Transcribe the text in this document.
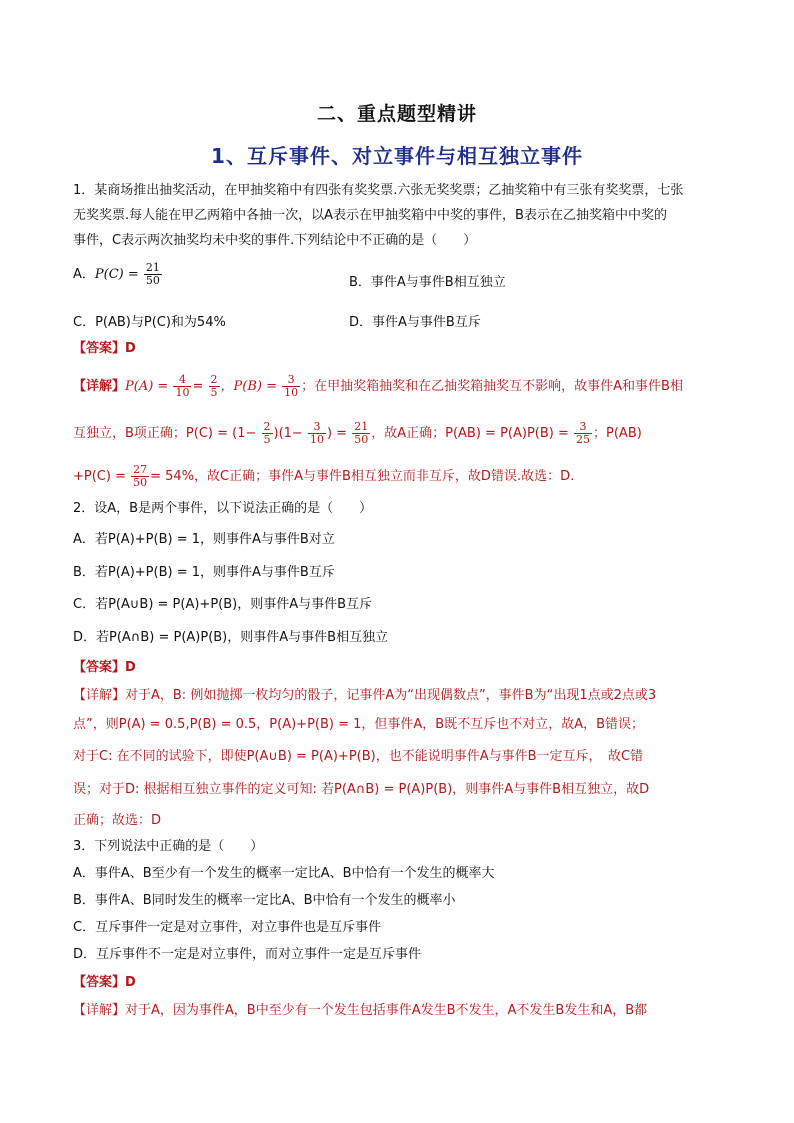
二、重点题型精讲
1、互斥事件、对立事件与相互独立事件
1．某商场推出抽奖活动，在甲抽奖箱中有四张有奖奖票.六张无奖奖票；乙抽奖箱中有三张有奖奖票，七张
无奖奖票.每人能在甲乙两箱中各抽一次，以A表示在甲抽奖箱中中奖的事件，B表示在乙抽奖箱中中奖的
事件，C表示两次抽奖均未中奖的事件.下列结论中不正确的是（　　）
A．$P(C) = \frac{21}{50}$	B．事件A与事件B相互独立
C．P(AB)与P(C)和为54%	D．事件A与事件B互斥
【答案】D
【详解】$P(A) = \frac{4}{10} = \frac{2}{5}$ ，$P(B) = \frac{3}{10}$ ；在甲抽奖箱抽奖和在乙抽奖箱抽奖互不影响，故事件A和事件B相
互独立，B项正确；$P(C) = (1- \frac{2}{5} )(1- \frac{3}{10}$ ) = $\frac{21}{50}$ ，故A正确；$P(AB) = P(A)P(B) = \frac{3}{25}$ ；P(AB)
$+P(C) = \frac{27}{50} = 54\%$，故C正确；事件A与事件B相互独立而非互斥，故D错误.故选：D.
2．设A，B是两个事件，以下说法正确的是（　　）
A．若P(A)+P(B) = 1，则事件A与事件B对立
B．若P(A)+P(B) = 1，则事件A与事件B互斥
C．若P(A∪B) = P(A)+P(B)，则事件A与事件B互斥
D．若P(A∩B) = P(A)P(B)，则事件A与事件B相互独立
【答案】D
【详解】对于A，B: 例如抛掷一枚均匀的骰子，记事件A为“出现偶数点”，事件B为“出现1点或2点或3
点”，则P(A) = 0.5,P(B) = 0.5，P(A)+P(B) = 1，但事件A，B既不互斥也不对立，故A，B错误；
对于C: 在不同的试验下，即使P(A∪B) = P(A)+P(B)，也不能说明事件A与事件B一定互斥，　故C错
误；对于D: 根据相互独立事件的定义可知: 若P(A∩B) = P(A)P(B)，则事件A与事件B相互独立，故D
正确；故选：D
3．下列说法中正确的是（　　）
A．事件A、B至少有一个发生的概率一定比A、B中恰有一个发生的概率大
B．事件A、B同时发生的概率一定比A、B中恰有一个发生的概率小
C．互斥事件一定是对立事件，对立事件也是互斥事件
D．互斥事件不一定是对立事件，而对立事件一定是互斥事件
【答案】D
【详解】对于A，因为事件A，B中至少有一个发生包括事件A发生B不发生，A不发生B发生和A，B都
